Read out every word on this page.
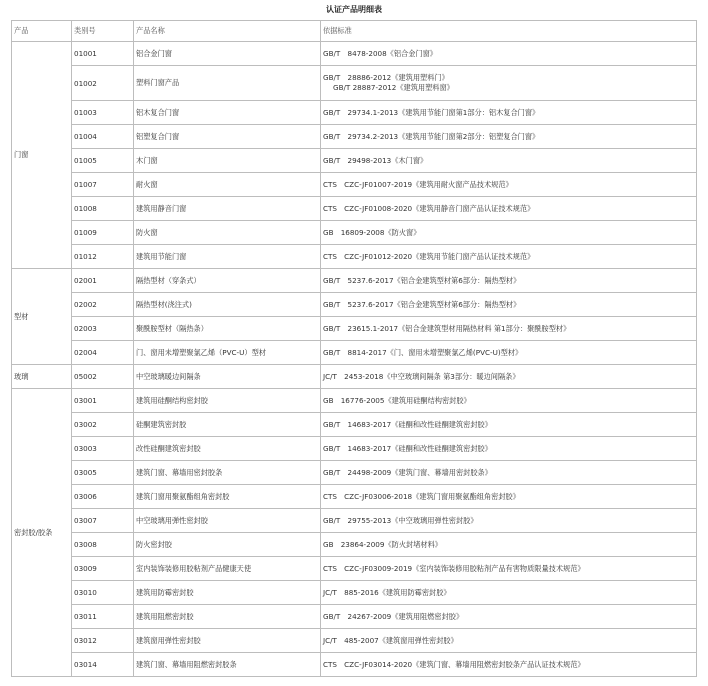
认证产品明细表
产品	类别号	产品名称	依据标准
门窗	01001	铝合金门窗	GB/T　8478-2008《铝合金门窗》

	01002	塑料门窗产品	GB/T　28886-2012《建筑用塑料门》
GB/T 28887-2012《建筑用塑料窗》

	01003	铝木复合门窗	GB/T　29734.1-2013《建筑用节能门窗第1部分：铝木复合门窗》

	01004	铝塑复合门窗	GB/T　29734.2-2013《建筑用节能门窗第2部分：铝塑复合门窗》

	01005	木门窗	GB/T　29498-2013《木门窗》

	01007	耐火窗	CTS　CZC-JF01007-2019《建筑用耐火窗产品技术规范》

	01008	建筑用静音门窗	CTS　CZC-JF01008-2020《建筑用静音门窗产品认证技术规范》

	01009	防火窗	GB　16809-2008《防火窗》

	01012	建筑用节能门窗	CTS　CZC-JF01012-2020《建筑用节能门窗产品认证技术规范》

型材	02001	隔热型材（穿条式）	GB/T　5237.6-2017《铝合金建筑型材第6部分：隔热型材》

	02002	隔热型材(浇注式)	GB/T　5237.6-2017《铝合金建筑型材第6部分：隔热型材》

	02003	聚酰胺型材（隔热条）	GB/T　23615.1-2017《铝合金建筑型材用隔热材料 第1部分：聚酰胺型材》

	02004	门、窗用未增塑聚氯乙烯（PVC-U）型材	GB/T　8814-2017《门、窗用未增塑聚氯乙烯(PVC-U)型材》

玻璃	05002	中空玻璃暖边间隔条	JC/T　2453-2018《中空玻璃间隔条 第3部分：暖边间隔条》

密封胶/胶条	03001	建筑用硅酮结构密封胶	GB　16776-2005《建筑用硅酮结构密封胶》

	03002	硅酮建筑密封胶	GB/T　14683-2017《硅酮和改性硅酮建筑密封胶》

	03003	改性硅酮建筑密封胶	GB/T　14683-2017《硅酮和改性硅酮建筑密封胶》

	03005	建筑门窗、幕墙用密封胶条	GB/T　24498-2009《建筑门窗、幕墙用密封胶条》

	03006	建筑门窗用聚氨酯组角密封胶	CTS　CZC-JF03006-2018《建筑门窗用聚氨酯组角密封胶》

	03007	中空玻璃用弹性密封胶	GB/T　29755-2013《中空玻璃用弹性密封胶》

	03008	防火密封胶	GB　23864-2009《防火封堵材料》

	03009	室内装饰装修用胶粘剂产品健康天使	CTS　CZC-JF03009-2019《室内装饰装修用胶粘剂产品有害物质限量技术规范》

	03010	建筑用防霉密封胶	JC/T　885-2016《建筑用防霉密封胶》

	03011	建筑用阻燃密封胶	GB/T　24267-2009《建筑用阻燃密封胶》

	03012	建筑窗用弹性密封胶	JC/T　485-2007《建筑窗用弹性密封胶》

	03014	建筑门窗、幕墙用阻燃密封胶条	CTS　CZC-JF03014-2020《建筑门窗、幕墙用阻燃密封胶条产品认证技术规范》
